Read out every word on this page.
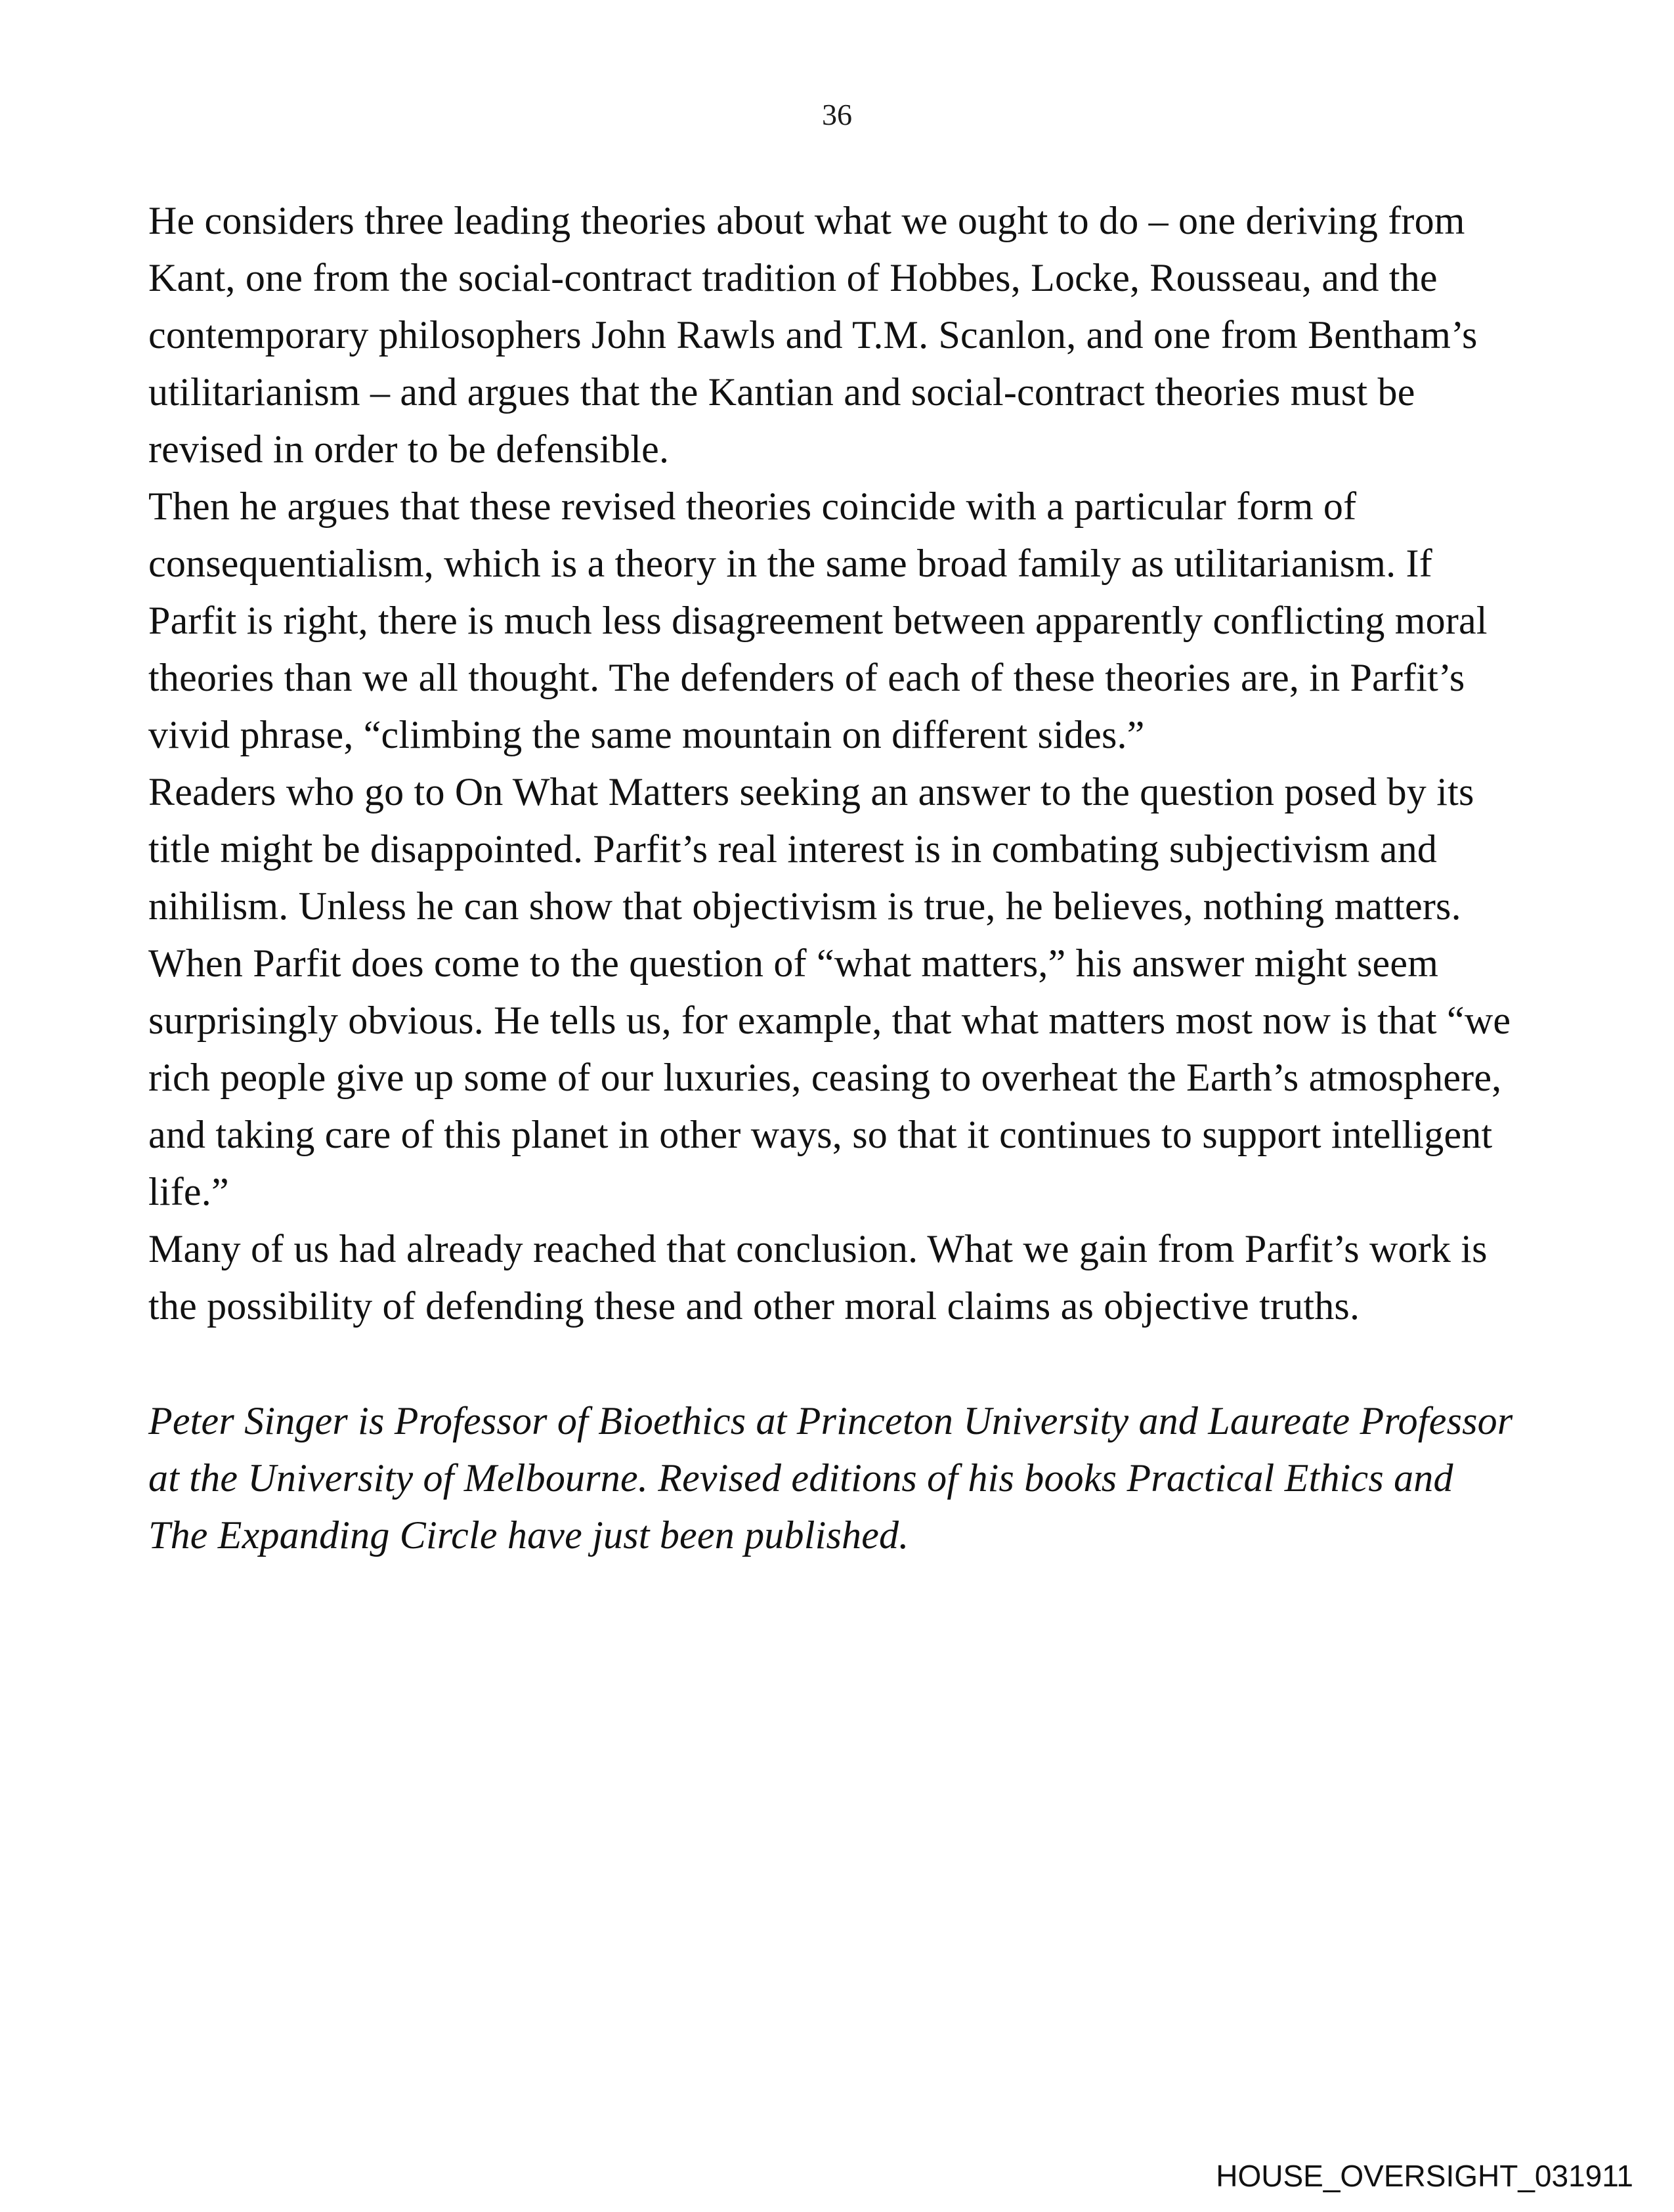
36

He considers three leading theories about what we ought to do – one deriving from Kant, one from the social-contract tradition of Hobbes, Locke, Rousseau, and the contemporary philosophers John Rawls and T.M. Scanlon, and one from Bentham’s utilitarianism – and argues that the Kantian and social-contract theories must be revised in order to be defensible.

Then he argues that these revised theories coincide with a particular form of consequentialism, which is a theory in the same broad family as utilitarianism. If Parfit is right, there is much less disagreement between apparently conflicting moral theories than we all thought. The defenders of each of these theories are, in Parfit’s vivid phrase, “climbing the same mountain on different sides.”

Readers who go to On What Matters seeking an answer to the question posed by its title might be disappointed. Parfit’s real interest is in combating subjectivism and nihilism. Unless he can show that objectivism is true, he believes, nothing matters.

When Parfit does come to the question of “what matters,” his answer might seem surprisingly obvious. He tells us, for example, that what matters most now is that “we rich people give up some of our luxuries, ceasing to overheat the Earth’s atmosphere, and taking care of this planet in other ways, so that it continues to support intelligent life.”

Many of us had already reached that conclusion. What we gain from Parfit’s work is the possibility of defending these and other moral claims as objective truths.

Peter Singer is Professor of Bioethics at Princeton University and Laureate Professor at the University of Melbourne. Revised editions of his books Practical Ethics and The Expanding Circle have just been published.

HOUSE_OVERSIGHT_031911
